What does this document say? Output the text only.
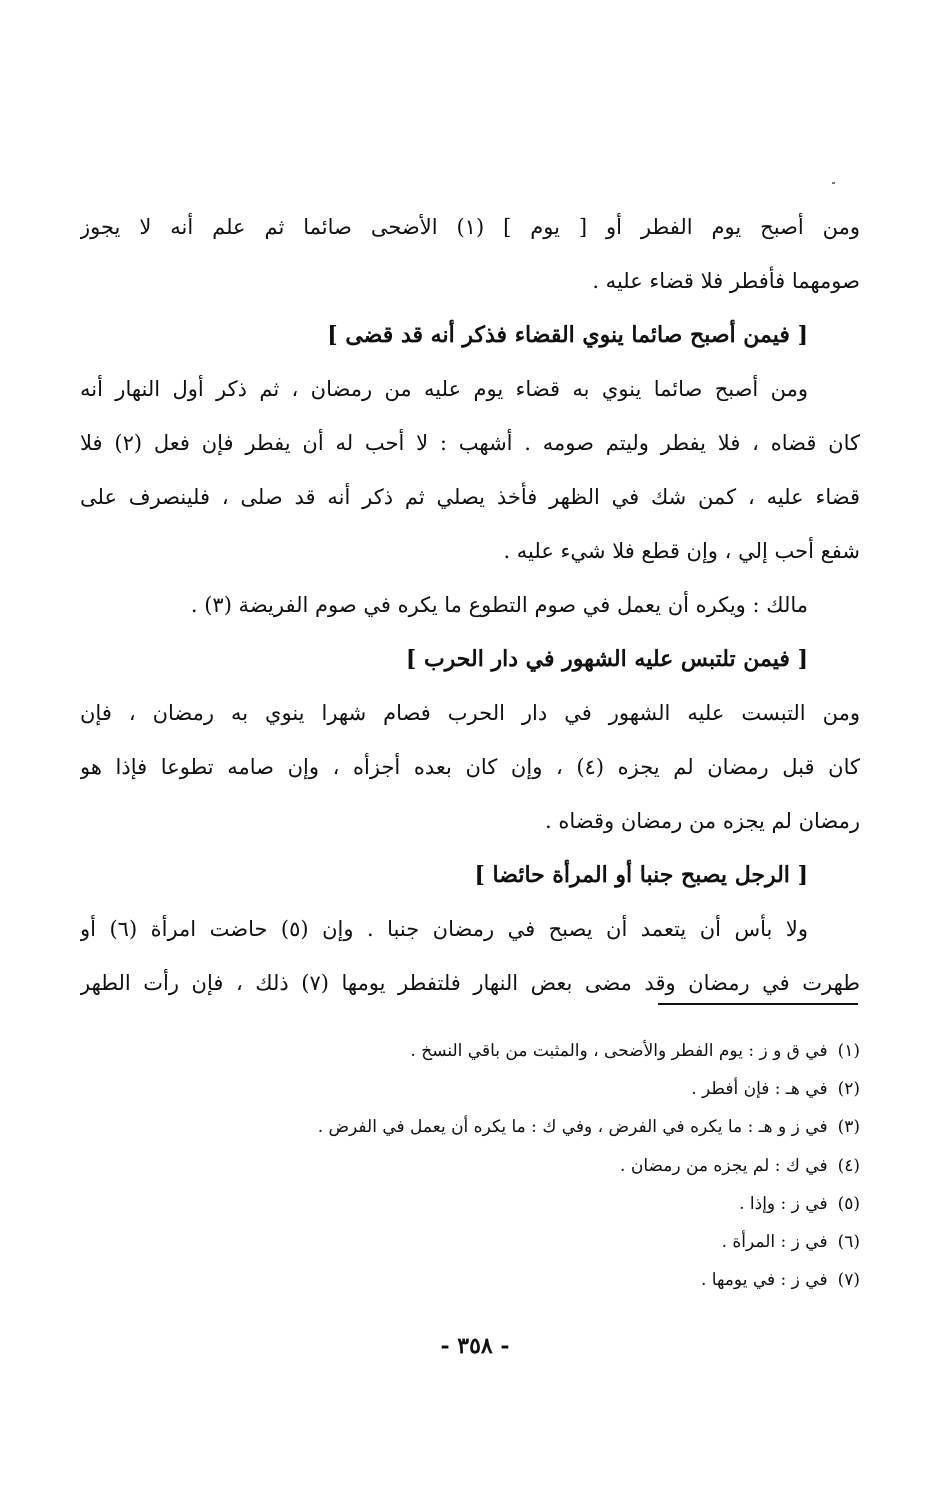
ومن أصبح يوم الفطر أو [ يوم ] (١) الأضحى صائما ثم علم أنه لا يجوز
صومهما فأفطر فلا قضاء عليه .
[ فيمن أصبح صائما ينوي القضاء فذكر أنه قد قضى ]
ومن أصبح صائما ينوي به قضاء يوم عليه من رمضان ، ثم ذكر أول النهار أنه
كان قضاه ، فلا يفطر وليتم صومه . أشهب : لا أحب له أن يفطر فإن فعل (٢) فلا
قضاء عليه ، كمن شك في الظهر فأخذ يصلي ثم ذكر أنه قد صلى ، فلينصرف على
شفع أحب إلي ، وإن قطع فلا شيء عليه .
مالك : ويكره أن يعمل في صوم التطوع ما يكره في صوم الفريضة (٣) .
[ فيمن تلتبس عليه الشهور في دار الحرب ]
ومن التبست عليه الشهور في دار الحرب فصام شهرا ينوي به رمضان ، فإن
كان قبل رمضان لم يجزه (٤) ، وإن كان بعده أجزأه ، وإن صامه تطوعا فإذا هو
رمضان لم يجزه من رمضان وقضاه .
[ الرجل يصبح جنبا أو المرأة حائضا ]
ولا بأس أن يتعمد أن يصبح في رمضان جنبا . وإن (٥) حاضت امرأة (٦) أو
طهرت في رمضان وقد مضى بعض النهار فلتفطر يومها (٧) ذلك ، فإن رأت الطهر
(١)في ق و ز : يوم الفطر والأضحى ، والمثبت من باقي النسخ .
(٢)في هـ : فإن أفطر .
(٣)في ز و هـ : ما يكره في الفرض ، وفي ك : ما يكره أن يعمل في الفرض .
(٤)في ك : لم يجزه من رمضان .
(٥)في ز : وإذا .
(٦)في ز : المرأة .
(٧)في ز : في يومها .
- ٣٥٨ -
